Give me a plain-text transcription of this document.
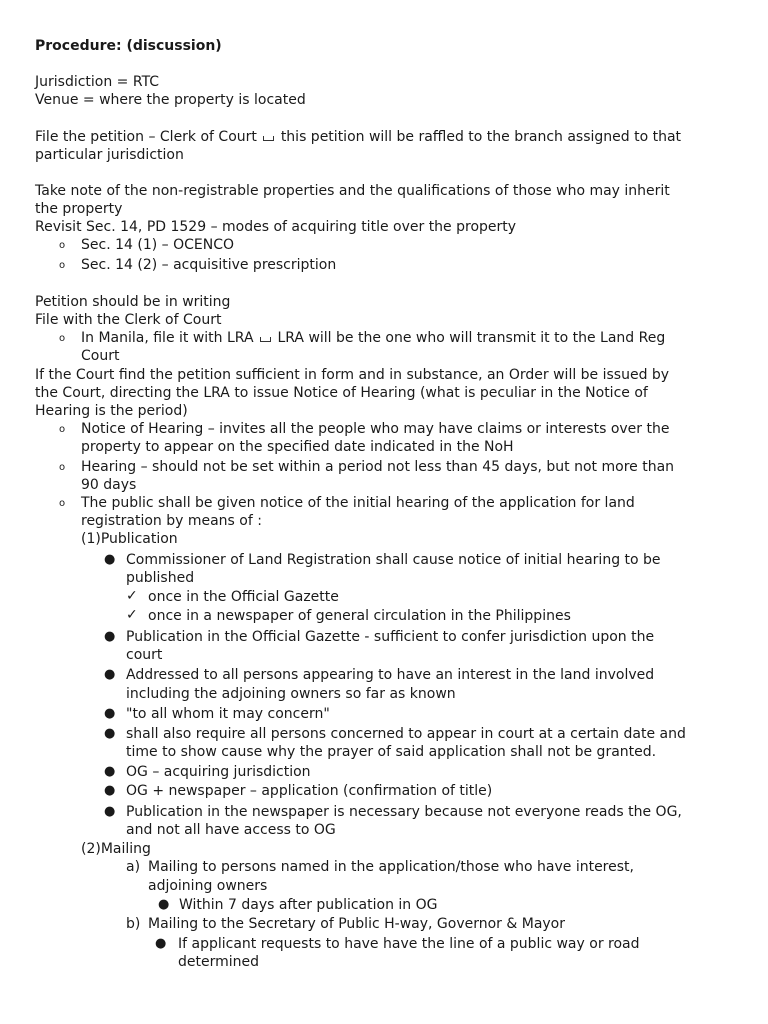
Procedure: (discussion)
Jurisdiction = RTC
Venue = where the property is located
File the petition – Clerk of Court this petition will be raffled to the branch assigned to that
particular jurisdiction
Take note of the non-registrable properties and the qualifications of those who may inherit
the property
Revisit Sec. 14, PD 1529 – modes of acquiring title over the property
o Sec. 14 (1) – OCENCO
o Sec. 14 (2) – acquisitive prescription
Petition should be in writing
File with the Clerk of Court
o In Manila, file it with LRA LRA will be the one who will transmit it to the Land Reg
Court
If the Court find the petition sufficient in form and in substance, an Order will be issued by
the Court, directing the LRA to issue Notice of Hearing (what is peculiar in the Notice of
Hearing is the period)
o Notice of Hearing – invites all the people who may have claims or interests over the
property to appear on the specified date indicated in the NoH
o Hearing – should not be set within a period not less than 45 days, but not more than
90 days
o The public shall be given notice of the initial hearing of the application for land
registration by means of :
(1)Publication
● Commissioner of Land Registration shall cause notice of initial hearing to be
published
✓ once in the Official Gazette
✓ once in a newspaper of general circulation in the Philippines
● Publication in the Official Gazette - sufficient to confer jurisdiction upon the
court
● Addressed to all persons appearing to have an interest in the land involved
including the adjoining owners so far as known
● "to all whom it may concern"
● shall also require all persons concerned to appear in court at a certain date and
time to show cause why the prayer of said application shall not be granted.
● OG – acquiring jurisdiction
● OG + newspaper – application (confirmation of title)
● Publication in the newspaper is necessary because not everyone reads the OG,
and not all have access to OG
(2)Mailing
a) Mailing to persons named in the application/those who have interest,
adjoining owners
● Within 7 days after publication in OG
b) Mailing to the Secretary of Public H-way, Governor & Mayor
● If applicant requests to have have the line of a public way or road
determined
